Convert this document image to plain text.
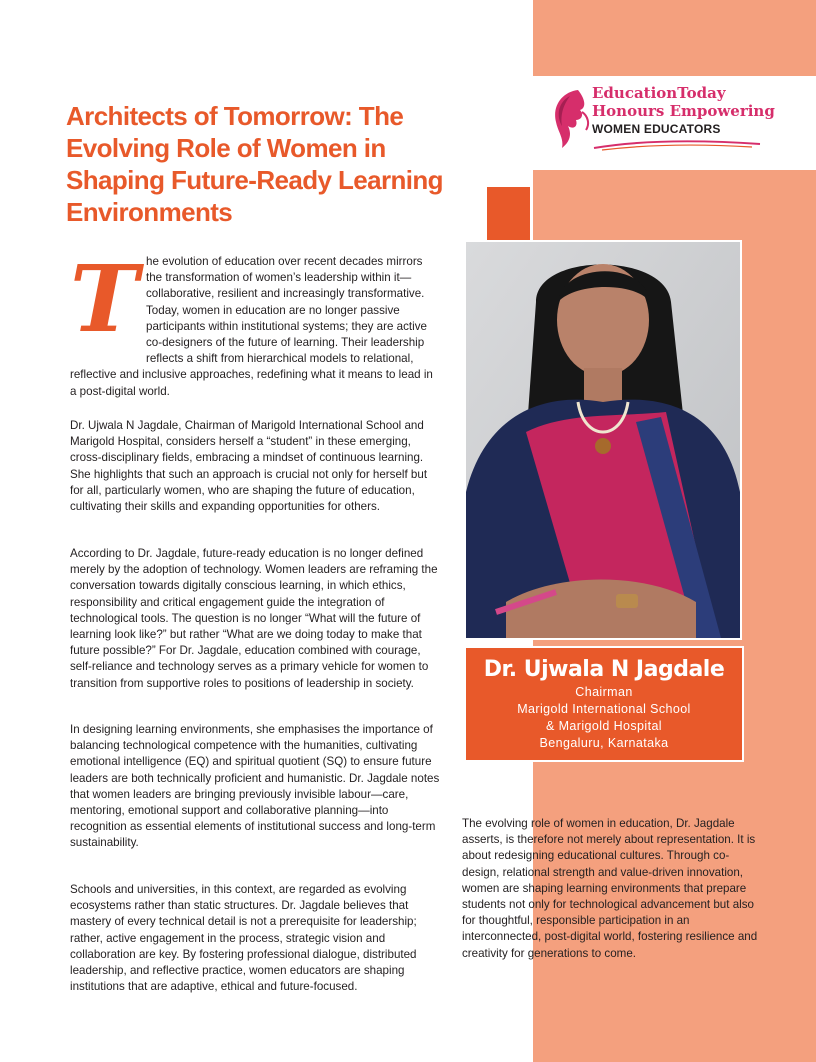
EducationToday
Honours Empowering
WOMEN EDUCATORS
Architects of Tomorrow: The Evolving Role of Women in Shaping Future-Ready Learning Environments
The evolution of education over recent decades mirrors the transformation of women’s leadership within it—collaborative, resilient and increasingly transformative. Today, women in education are no longer passive participants within institutional systems; they are active co-designers of the future of learning. Their leadership reflects a shift from hierarchical models to relational, reflective and inclusive approaches, redefining what it means to lead in a post-digital world.

Dr. Ujwala N Jagdale, Chairman of Marigold International School and Marigold Hospital, considers herself a “student” in these emerging, cross-disciplinary fields, embracing a mindset of continuous learning. She highlights that such an approach is crucial not only for herself but for all, particularly women, who are shaping the future of education, cultivating their skills and expanding opportunities for others.

According to Dr. Jagdale, future-ready education is no longer defined merely by the adoption of technology. Women leaders are reframing the conversation towards digitally conscious learning, in which ethics, responsibility and critical engagement guide the integration of technological tools. The question is no longer “What will the future of learning look like?” but rather “What are we doing today to make that future possible?” For Dr. Jagdale, education combined with courage, self-reliance and technology serves as a primary vehicle for women to transition from supportive roles to positions of leadership in society.

In designing learning environments, she emphasises the importance of balancing technological competence with the humanities, cultivating emotional intelligence (EQ) and spiritual quotient (SQ) to ensure future leaders are both technically proficient and humanistic. Dr. Jagdale notes that women leaders are bringing previously invisible labour—care, mentoring, emotional support and collaborative planning—into recognition as essential elements of institutional success and long-term sustainability.

Schools and universities, in this context, are regarded as evolving ecosystems rather than static structures. Dr. Jagdale believes that mastery of every technical detail is not a prerequisite for leadership; rather, active engagement in the process, strategic vision and collaboration are key. By fostering professional dialogue, distributed leadership, and reflective practice, women educators are shaping institutions that are adaptive, ethical and future-focused.

The evolving role of women in education, Dr. Jagdale asserts, is therefore not merely about representation. It is about redesigning educational cultures. Through co-design, relational strength and value-driven innovation, women are shaping learning environments that prepare students not only for technological advancement but also for thoughtful, responsible participation in an interconnected, post-digital world, fostering resilience and creativity for generations to come.

Dr. Ujwala N Jagdale
Chairman
Marigold International School
& Marigold Hospital
Bengaluru, Karnataka
